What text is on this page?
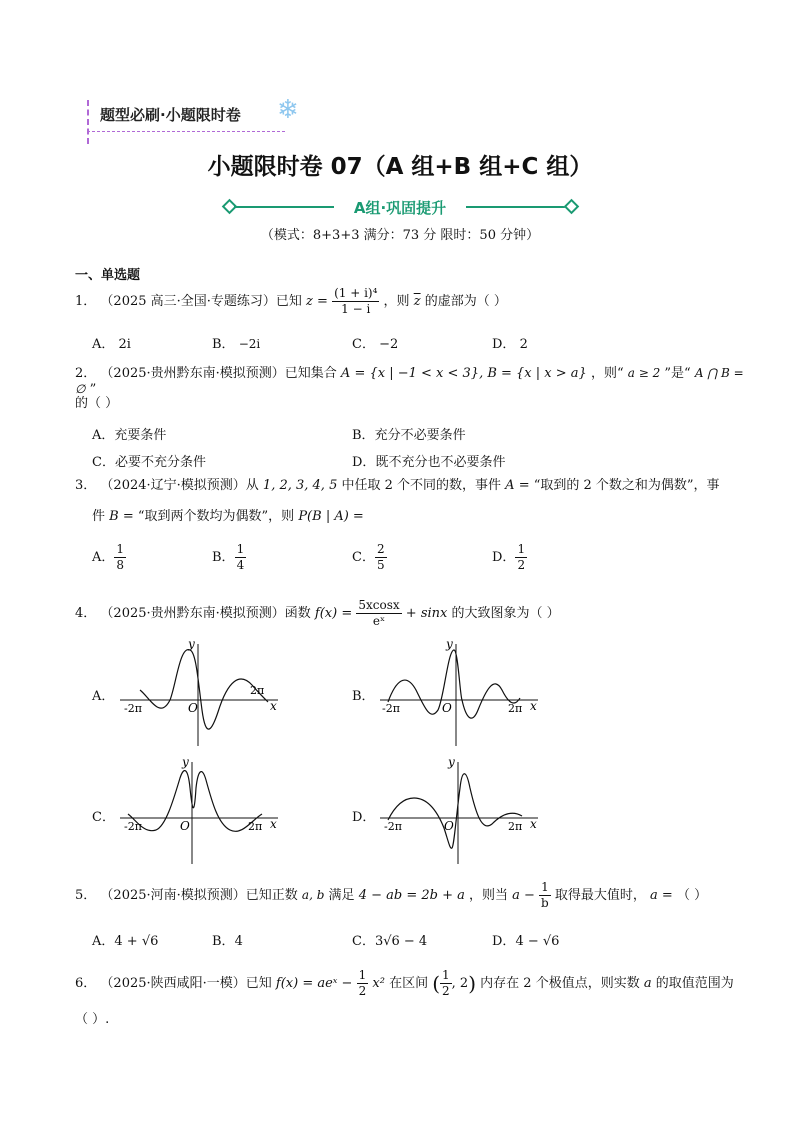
题型必刷·小题限时卷 ❄
小题限时卷 07（A 组+B 组+C 组）
A组·巩固提升
（模式：8+3+3 满分：73 分 限时：50 分钟）
一、单选题
1． （2025 高三·全国·专题练习）已知 $z = \frac{\text{(1 + i)⁴}}{1 - i}$ ，则 $\overline{z}$ 的虚部为（ ）
A． 2i	B． −2i	C． −2	D． 2
2． （2025·贵州黔东南·模拟预测）已知集合 A = {x | −1 < x < 3}, B = {x | x > a} ，则“ a ≥ 2 ”是“ A ⋂ B = ∅ ”
的（ ）
A．充要条件	B．充分不必要条件
C．必要不充分条件	D．既不充分也不必要条件
3． （2024·辽宁·模拟预测）从 1, 2, 3, 4, 5 中任取 2 个不同的数，事件 A = “取到的 2 个数之和为偶数”，事
件 B = “取到两个数均为偶数”，则 P(B | A) =
A． $\frac{1}{8}$	B． $\frac{1}{4}$	C． $\frac{2}{5}$	D． $\frac{1}{2}$
4． （2025·贵州黔东南·模拟预测）函数 $f(x) = \frac{5xcosx}{\text{eˣ}} + \sin x$ 的大致图象为（ ）
A．	B．
C．	D．
y
x
O
-2π
2π
y
x
O
-2π	2π
y
x
O
-2π	2π
y
x
O
-2π	2π
5． （2025·河南·模拟预测）已知正数 a, b 满足 4 − ab = 2b + a ，则当 $a - \frac{1}{b}$ 取得最大值时， a = （ ）
A．4 + √6	B．4	C．3√6 − 4	D．4 − √6
6． （2025·陕西咸阳·一模）已知 f(x) = aeˣ − $\frac{1}{2} x^2$ 在区间 ( $\frac{1}{2}$ , 2) 内存在 2 个极值点，则实数 a 的取值范围为
（ ）.
